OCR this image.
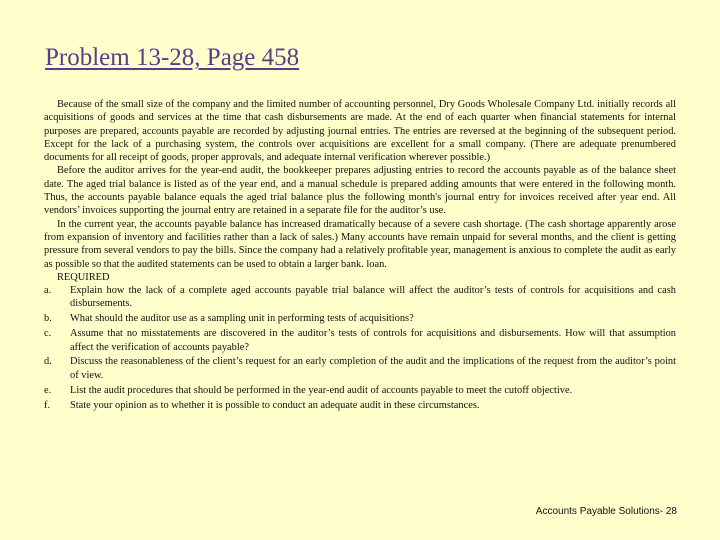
Problem 13-28, Page 458

Because of the small size of the company and the limited number of accounting personnel, Dry Goods Wholesale Company Ltd. initially records all acquisitions of goods and services at the time that cash disbursements are made. At the end of each quarter when financial statements for internal purposes are prepared, accounts payable are recorded by adjusting journal entries. The entries are reversed at the beginning of the subsequent period. Except for the lack of a purchasing system, the controls over acquisitions are excellent for a small company. (There are adequate prenumbered documents for all receipt of goods, proper approvals, and adequate internal verification wherever possible.)

Before the auditor arrives for the year-end audit, the bookkeeper prepares adjusting entries to record the accounts payable as of the balance sheet date. The aged trial balance is listed as of the year end, and a manual schedule is prepared adding amounts that were entered in the following month. Thus, the accounts payable balance equals the aged trial balance plus the following month's journal entry for invoices received after year end. All vendors’ invoices supporting the journal entry are retained in a separate file for the auditor’s use.

In the current year, the accounts payable balance has increased dramatically because of a severe cash shortage. (The cash shortage apparently arose from expansion of inventory and facilities rather than a lack of sales.) Many accounts have remain unpaid for several months, and the client is getting pressure from several vendors to pay the bills. Since the company had a relatively profitable year, management is anxious to complete the audit as early as possible so that the audited statements can be used to obtain a larger bank. loan.

REQUIRED

a.	Explain how the lack of a complete aged accounts payable trial balance will affect the auditor’s tests of controls for acquisitions and cash disbursements.
b.	What should the auditor use as a sampling unit in performing tests of acquisitions?
c.	Assume that no misstatements are discovered in the auditor’s tests of controls for acquisitions and disbursements. How will that assumption affect the verification of accounts payable?
d.	Discuss the reasonableness of the client’s request for an early completion of the audit and the implications of the request from the auditor’s point of view.
e.	List the audit procedures that should be performed in the year-end audit of accounts payable to meet the cutoff objective.
f.	State your opinion as to whether it is possible to conduct an adequate audit in these circumstances.
Accounts Payable Solutions- 28
